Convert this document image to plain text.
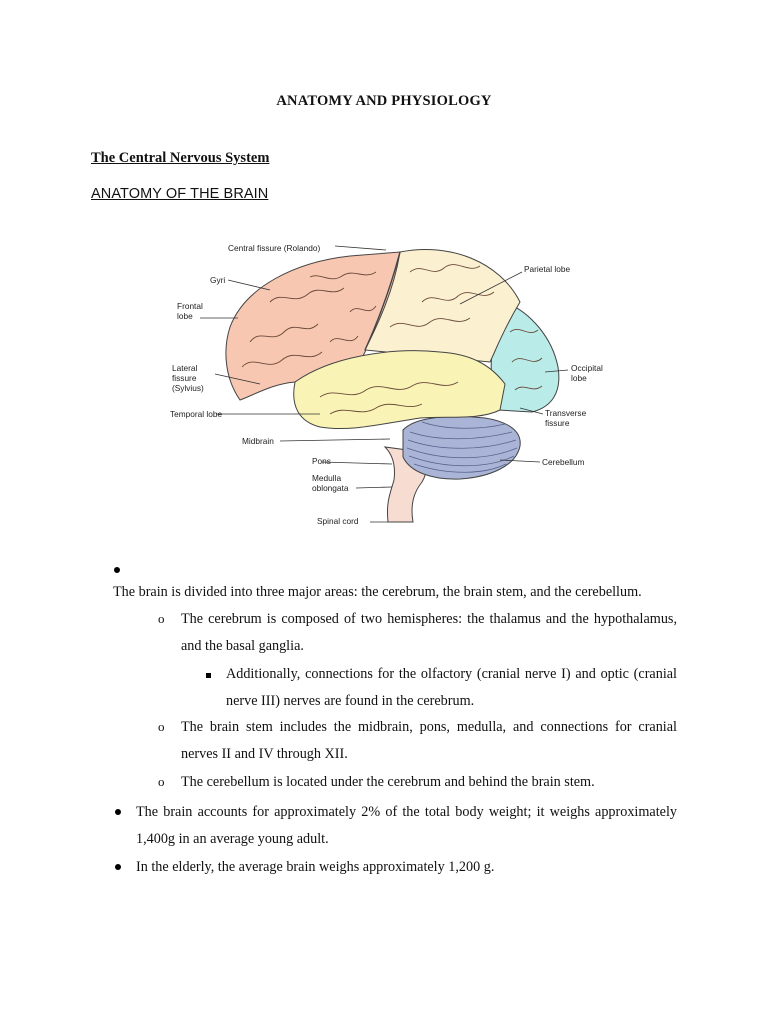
ANATOMY AND PHYSIOLOGY
The Central Nervous System
ANATOMY OF THE BRAIN
Central fissure (Rolando)
Gyri
Frontal
lobe
Lateral
fissure
(Sylvius)
Temporal lobe
Midbrain
Pons
Medulla
oblongata
Spinal cord
Parietal lobe
Occipital
lobe
Transverse
fissure
Cerebellum
The brain is divided into three major areas: the cerebrum, the brain stem, and the cerebellum.
o The cerebrum is composed of two hemispheres: the thalamus and the hypothalamus, and the basal ganglia.
Additionally, connections for the olfactory (cranial nerve I) and optic (cranial nerve III) nerves are found in the cerebrum.
o The brain stem includes the midbrain, pons, medulla, and connections for cranial nerves II and IV through XII.
o The cerebellum is located under the cerebrum and behind the brain stem.
The brain accounts for approximately 2% of the total body weight; it weighs approximately 1,400g in an average young adult.
In the elderly, the average brain weighs approximately 1,200 g.
